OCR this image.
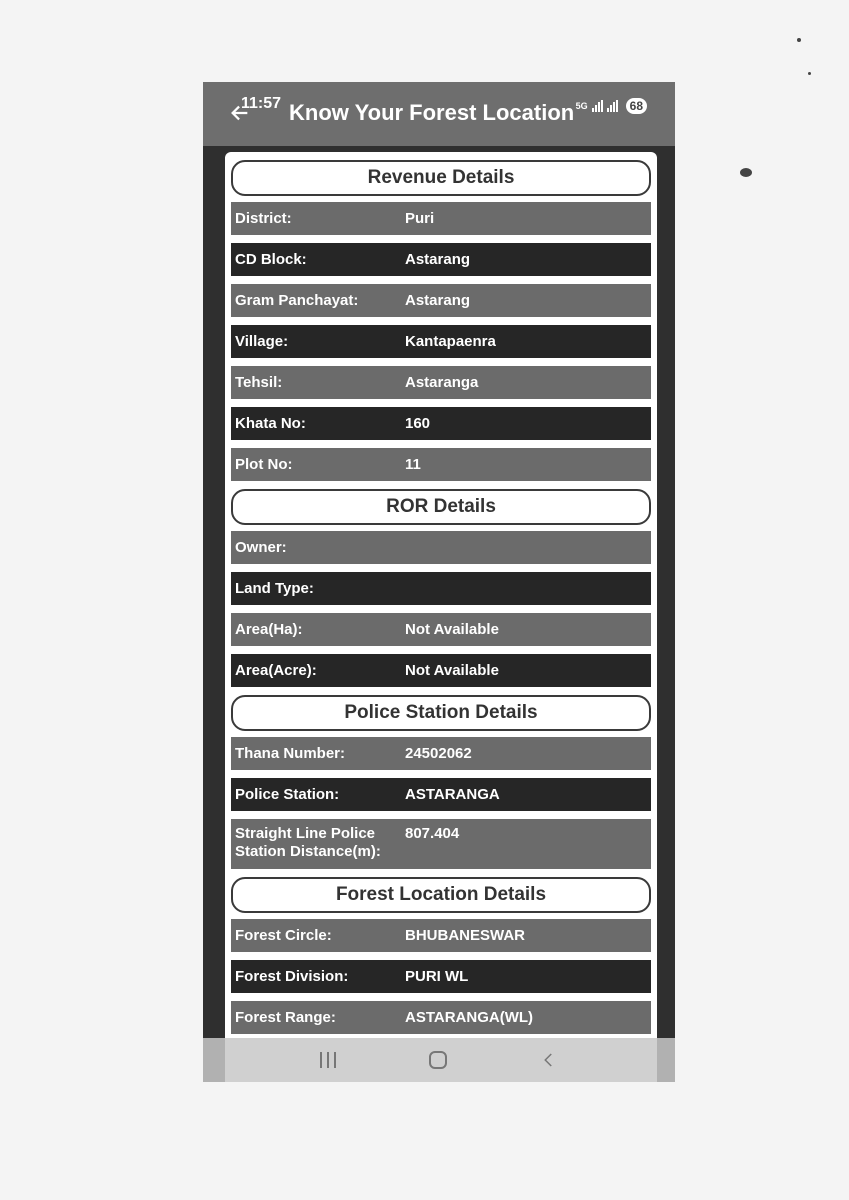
11:57 Know Your Forest Location 5G	68
Revenue Details
District:	Puri
CD Block:	Astarang
Gram Panchayat:	Astarang
Village:	Kantapaenra
Tehsil:	Astaranga
Khata No:	160
Plot No:	11
ROR Details
Owner:
Land Type:
Area(Ha):	Not Available
Area(Acre):	Not Available
Police Station Details
Thana Number:	24502062
Police Station:	ASTARANGA
Straight Line Police Station Distance(m):
807.404
Forest Location Details
Forest Circle:	BHUBANESWAR
Forest Division:	PURI WL
Forest Range:	ASTARANGA(WL)
